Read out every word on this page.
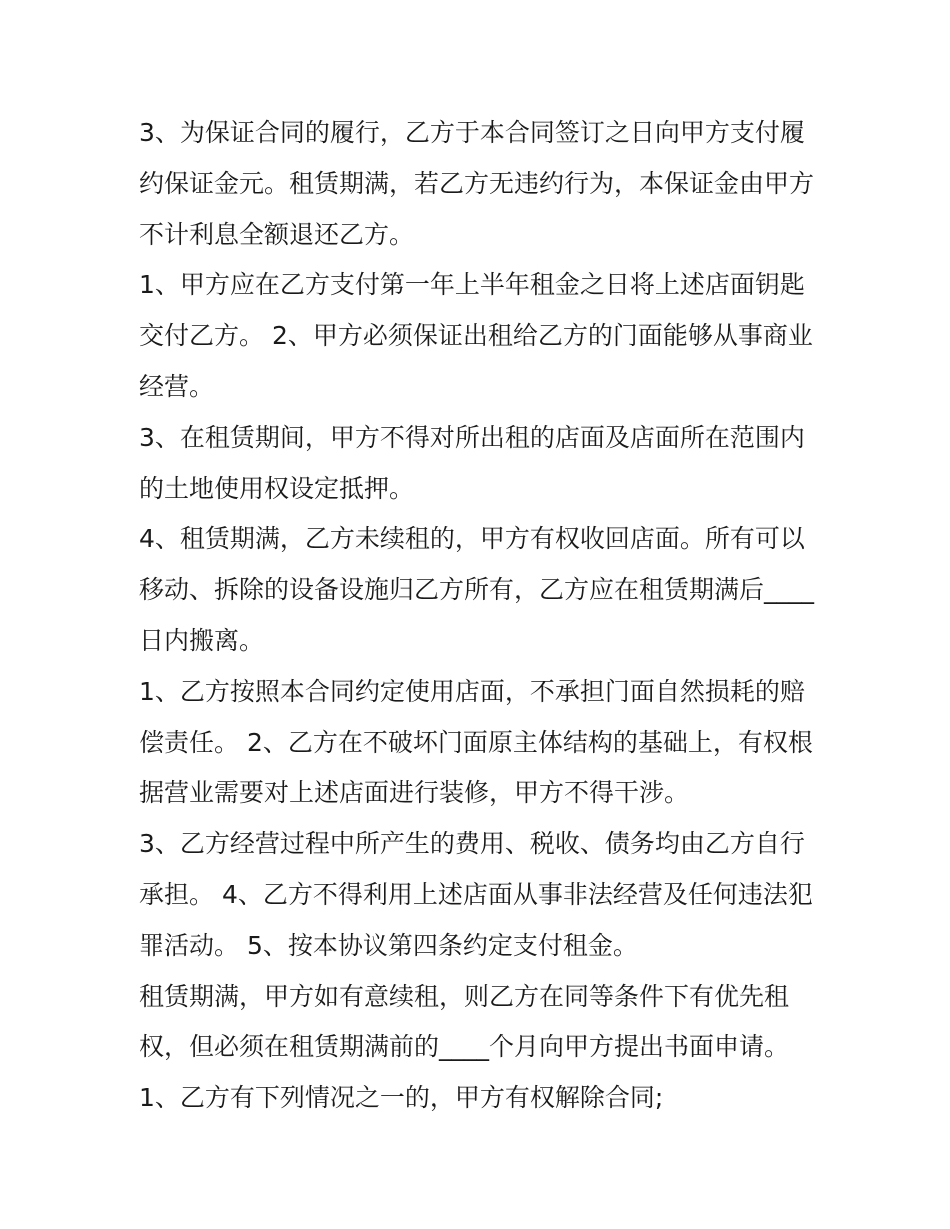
3、为保证合同的履行，乙方于本合同签订之日向甲方支付履
约保证金元。租赁期满，若乙方无违约行为，本保证金由甲方
不计利息全额退还乙方。
1、甲方应在乙方支付第一年上半年租金之日将上述店面钥匙
交付乙方。 2、甲方必须保证出租给乙方的门面能够从事商业
经营。
3、在租赁期间，甲方不得对所出租的店面及店面所在范围内
的土地使用权设定抵押。
4、租赁期满，乙方未续租的，甲方有权收回店面。所有可以
移动、拆除的设备设施归乙方所有，乙方应在租赁期满后____
日内搬离。
1、乙方按照本合同约定使用店面，不承担门面自然损耗的赔
偿责任。 2、乙方在不破坏门面原主体结构的基础上，有权根
据营业需要对上述店面进行装修，甲方不得干涉。
3、乙方经营过程中所产生的费用、税收、债务均由乙方自行
承担。 4、乙方不得利用上述店面从事非法经营及任何违法犯
罪活动。 5、按本协议第四条约定支付租金。
租赁期满，甲方如有意续租，则乙方在同等条件下有优先租
权，但必须在租赁期满前的____个月向甲方提出书面申请。
1、乙方有下列情况之一的，甲方有权解除合同;
